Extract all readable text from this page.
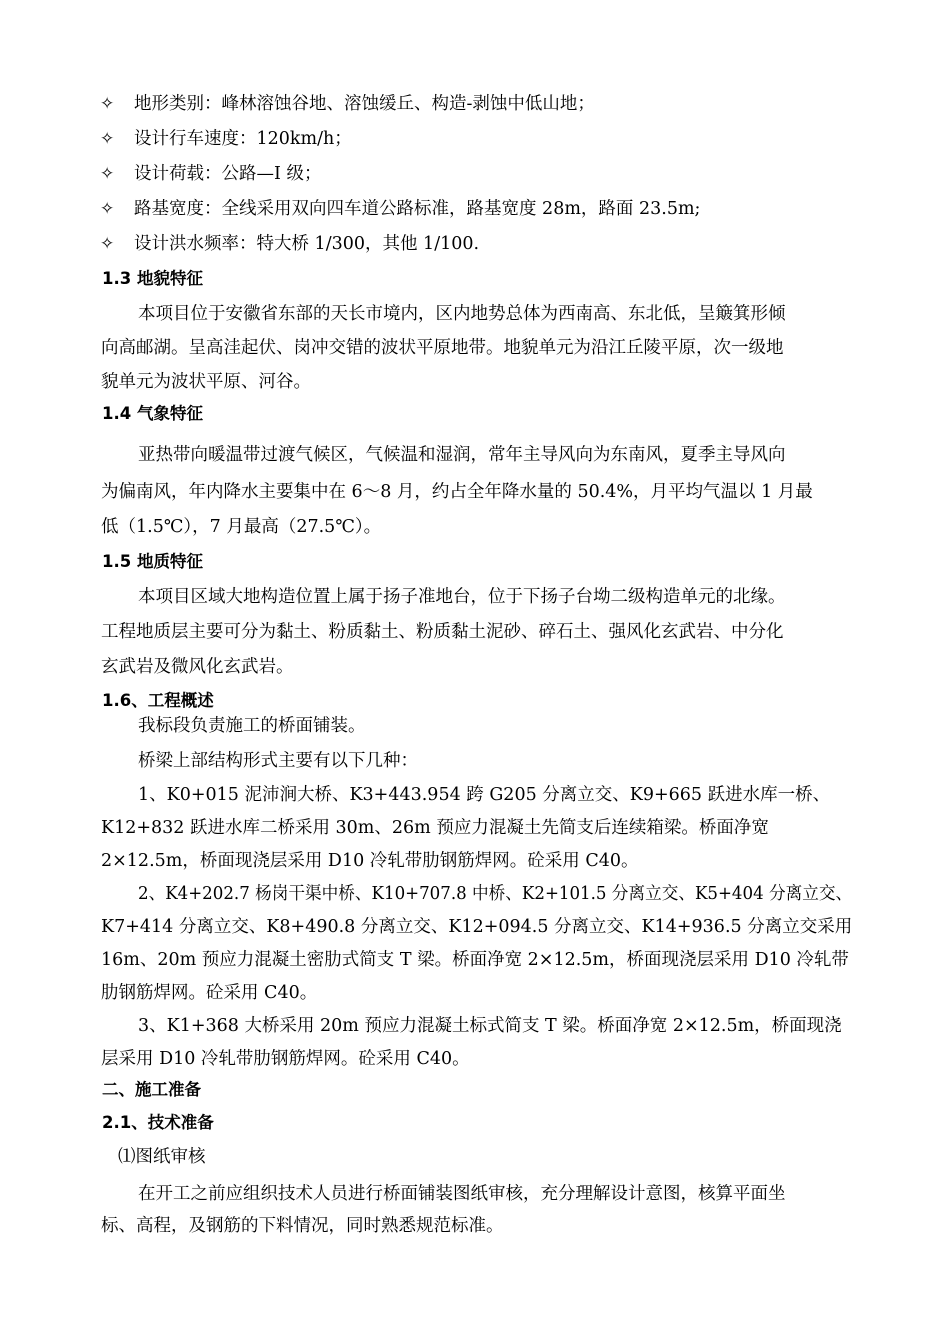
✧ 地形类别：峰林溶蚀谷地、溶蚀缓丘、构造-剥蚀中低山地；
✧ 设计行车速度：120km/h；
✧ 设计荷载：公路—I 级；
✧ 路基宽度：全线采用双向四车道公路标准，路基宽度 28m，路面 23.5m;
✧ 设计洪水频率：特大桥 1/300，其他 1/100.
1.3 地貌特征
本项目位于安徽省东部的天长市境内，区内地势总体为西南高、东北低，呈簸箕形倾
向高邮湖。呈高洼起伏、岗冲交错的波状平原地带。地貌单元为沿江丘陵平原，次一级地
貌单元为波状平原、河谷。
1.4 气象特征
亚热带向暖温带过渡气候区，气候温和湿润，常年主导风向为东南风，夏季主导风向
为偏南风，年内降水主要集中在 6～8 月，约占全年降水量的 50.4%，月平均气温以 1 月最
低（1.5℃），7 月最高（27.5℃）。
1.5 地质特征
本项目区域大地构造位置上属于扬子准地台，位于下扬子台坳二级构造单元的北缘。
工程地质层主要可分为黏土、粉质黏土、粉质黏土泥砂、碎石土、强风化玄武岩、中分化
玄武岩及微风化玄武岩。
1.6、工程概述
我标段负责施工的桥面铺装。
桥梁上部结构形式主要有以下几种：
1、K0+015 泥沛涧大桥、K3+443.954 跨 G205 分离立交、K9+665 跃进水库一桥、
K12+832 跃进水库二桥采用 30m、26m 预应力混凝土先简支后连续箱梁。桥面净宽
2×12.5m，桥面现浇层采用 D10 冷轧带肋钢筋焊网。砼采用 C40。
2、K4+202.7 杨岗干渠中桥、K10+707.8 中桥、K2+101.5 分离立交、K5+404 分离立交、
K7+414 分离立交、K8+490.8 分离立交、K12+094.5 分离立交、K14+936.5 分离立交采用
16m、20m 预应力混凝土密肋式简支 T 梁。桥面净宽 2×12.5m，桥面现浇层采用 D10 冷轧带
肋钢筋焊网。砼采用 C40。
3、K1+368 大桥采用 20m 预应力混凝土标式简支 T 梁。桥面净宽 2×12.5m，桥面现浇
层采用 D10 冷轧带肋钢筋焊网。砼采用 C40。
二、施工准备
2.1、技术准备
⑴图纸审核
在开工之前应组织技术人员进行桥面铺装图纸审核，充分理解设计意图，核算平面坐
标、高程，及钢筋的下料情况，同时熟悉规范标准。
